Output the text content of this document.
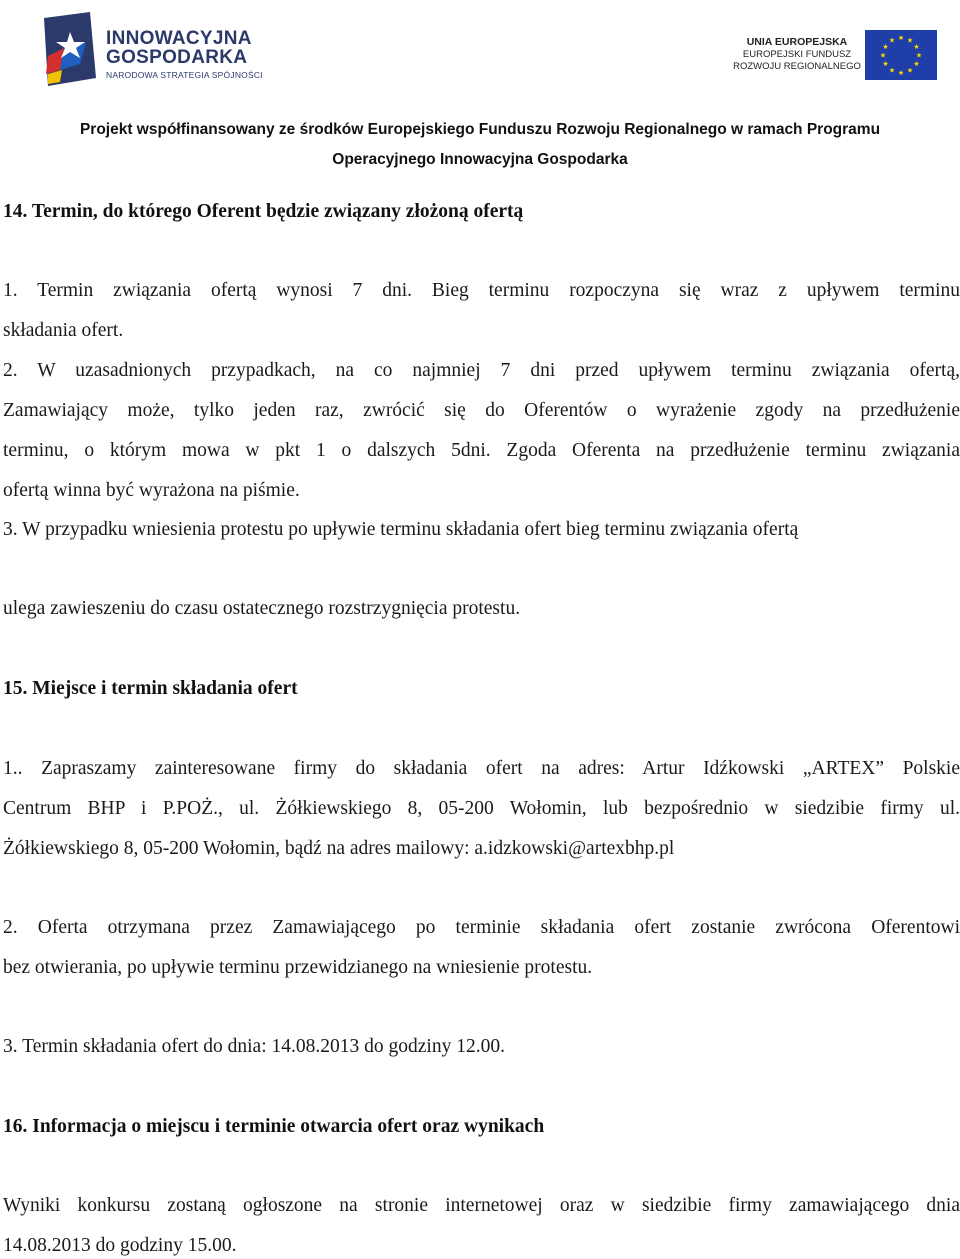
INNOWACYJNA
GOSPODARKA
NARODOWA STRATEGIA SPÓJNOŚCI
UNIA EUROPEJSKA
EUROPEJSKI FUNDUSZ
ROZWOJU REGIONALNEGO
★ ★
★
★
★
★
★
★
★
★
★
★
Projekt współfinansowany ze środków Europejskiego Funduszu Rozwoju Regionalnego w ramach Programu
Operacyjnego Innowacyjna Gospodarka
14. Termin, do którego Oferent będzie związany złożoną ofertą
1. Termin związania ofertą wynosi 7 dni. Bieg terminu rozpoczyna się wraz z upływem terminu
składania ofert.
2. W uzasadnionych przypadkach, na co najmniej 7 dni przed upływem terminu związania ofertą,
Zamawiający może, tylko jeden raz, zwrócić się do Oferentów o wyrażenie zgody na przedłużenie
terminu, o którym mowa w pkt 1 o dalszych 5dni. Zgoda Oferenta na przedłużenie terminu związania
ofertą winna być wyrażona na piśmie.
3. W przypadku wniesienia protestu po upływie terminu składania ofert bieg terminu związania ofertą
ulega zawieszeniu do czasu ostatecznego rozstrzygnięcia protestu.
15. Miejsce i termin składania ofert
1.. Zapraszamy zainteresowane firmy do składania ofert na adres: Artur Idźkowski „ARTEX” Polskie
Centrum BHP i P.POŻ., ul. Żółkiewskiego 8, 05-200 Wołomin, lub bezpośrednio w siedzibie firmy ul.
Żółkiewskiego 8, 05-200 Wołomin, bądź na adres mailowy: a.idzkowski@artexbhp.pl
2. Oferta otrzymana przez Zamawiającego po terminie składania ofert zostanie zwrócona Oferentowi
bez otwierania, po upływie terminu przewidzianego na wniesienie protestu.
3. Termin składania ofert do dnia: 14.08.2013 do godziny 12.00.
16. Informacja o miejscu i terminie otwarcia ofert oraz wynikach
Wyniki konkursu zostaną ogłoszone na stronie internetowej oraz w siedzibie firmy zamawiającego dnia
14.08.2013 do godziny 15.00.
